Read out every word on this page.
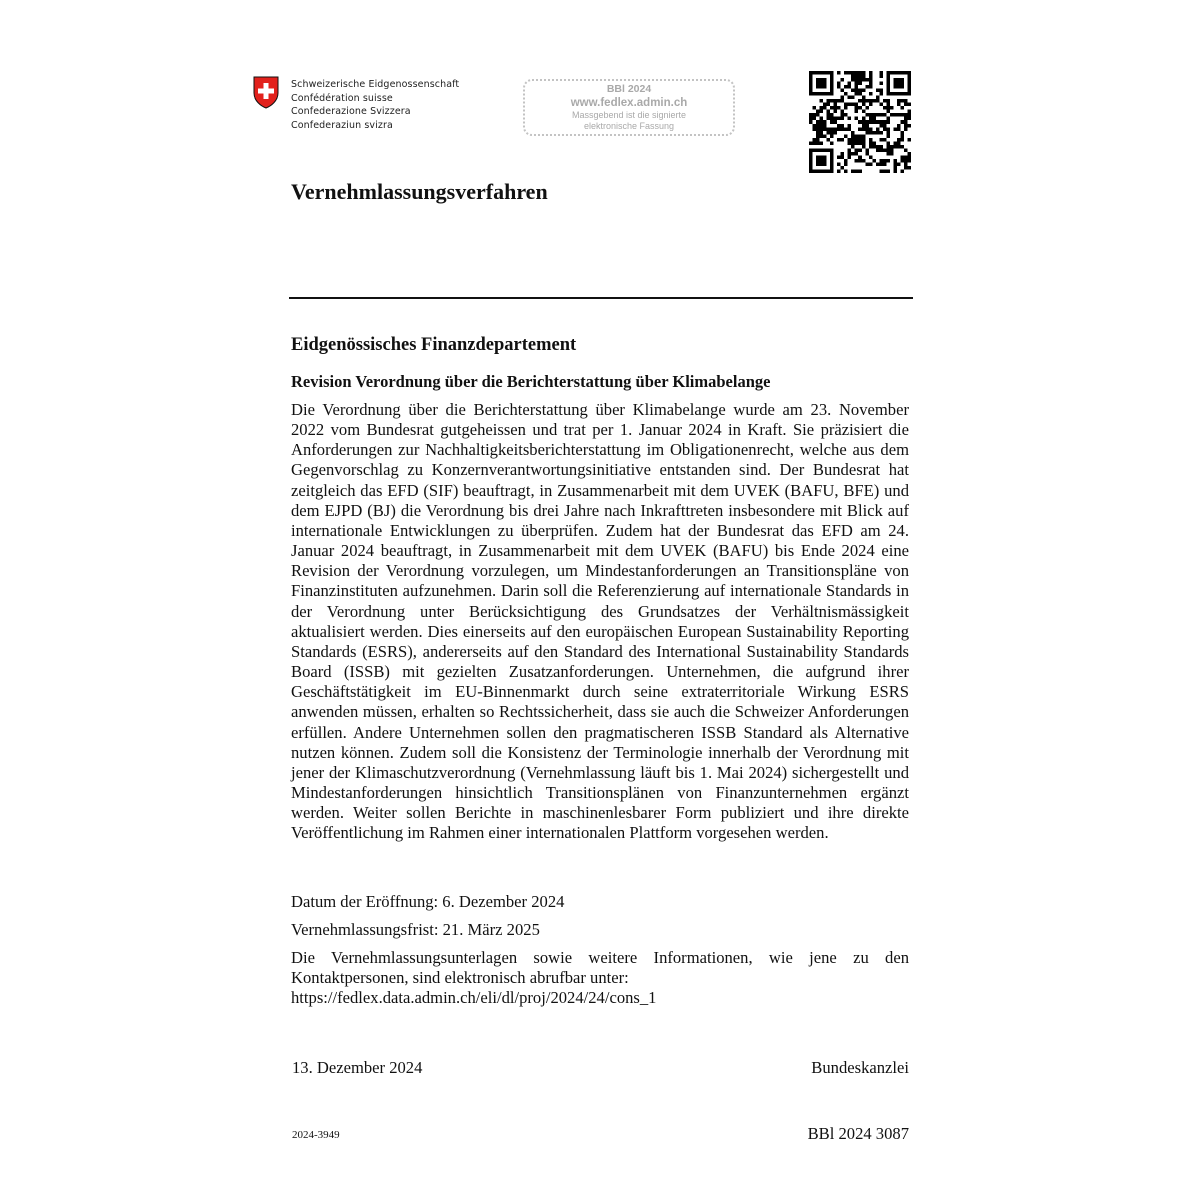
Schweizerische Eidgenossenschaft
Confédération suisse
Confederazione Svizzera
Confederaziun svizra
BBl 2024
www.fedlex.admin.ch
Massgebend ist die signierte
elektronische Fassung
Vernehmlassungsverfahren
Eidgenössisches Finanzdepartement
Revision Verordnung über die Berichterstattung über Klimabelange

Die Verordnung über die Berichterstattung über Klimabelange wurde am 23. November 2022 vom Bundesrat gutgeheissen und trat per 1. Januar 2024 in Kraft. Sie präzisiert die Anforderungen zur Nachhaltigkeitsberichterstattung im Obligationenrecht, welche aus dem Gegenvorschlag zu Konzernverantwortungsinitiative entstanden sind. Der Bundesrat hat zeitgleich das EFD (SIF) beauftragt, in Zusammenarbeit mit dem UVEK (BAFU, BFE) und dem EJPD (BJ) die Verordnung bis drei Jahre nach Inkrafttreten insbesondere mit Blick auf internationale Entwicklungen zu überprüfen. Zudem hat der Bundesrat das EFD am 24. Januar 2024 beauftragt, in Zusammenarbeit mit dem UVEK (BAFU) bis Ende 2024 eine Revision der Verordnung vorzulegen, um Mindestanforderungen an Transitionspläne von Finanzinstituten aufzunehmen. Darin soll die Referenzierung auf internationale Standards in der Verordnung unter Berücksichtigung des Grundsatzes der Verhältnismässigkeit aktualisiert werden. Dies einerseits auf den europäischen European Sustainability Reporting Standards (ESRS), andererseits auf den Standard des International Sustainability Standards Board (ISSB) mit gezielten Zusatzanforderungen. Unternehmen, die aufgrund ihrer Geschäftstätigkeit im EU-Binnenmarkt durch seine extraterritoriale Wirkung ESRS anwenden müssen, erhalten so Rechtssicherheit, dass sie auch die Schweizer Anforderungen erfüllen. Andere Unternehmen sollen den pragmatischeren ISSB Standard als Alternative nutzen können. Zudem soll die Konsistenz der Terminologie innerhalb der Verordnung mit jener der Klimaschutzverordnung (Vernehmlassung läuft bis 1. Mai 2024) sichergestellt und Mindestanforderungen hinsichtlich Transitionsplänen von Finanzunternehmen ergänzt werden. Weiter sollen Berichte in maschinenlesbarer Form publiziert und ihre direkte Veröffentlichung im Rahmen einer internationalen Plattform vorgesehen werden.

Datum der Eröffnung: 6. Dezember 2024

Vernehmlassungsfrist: 21. März 2025

Die Vernehmlassungsunterlagen sowie weitere Informationen, wie jene zu den
Kontaktpersonen, sind elektronisch abrufbar unter:
https://fedlex.data.admin.ch/eli/dl/proj/2024/24/cons_1

13. Dezember 2024	Bundeskanzlei
2024-3949	BBl 2024 3087
